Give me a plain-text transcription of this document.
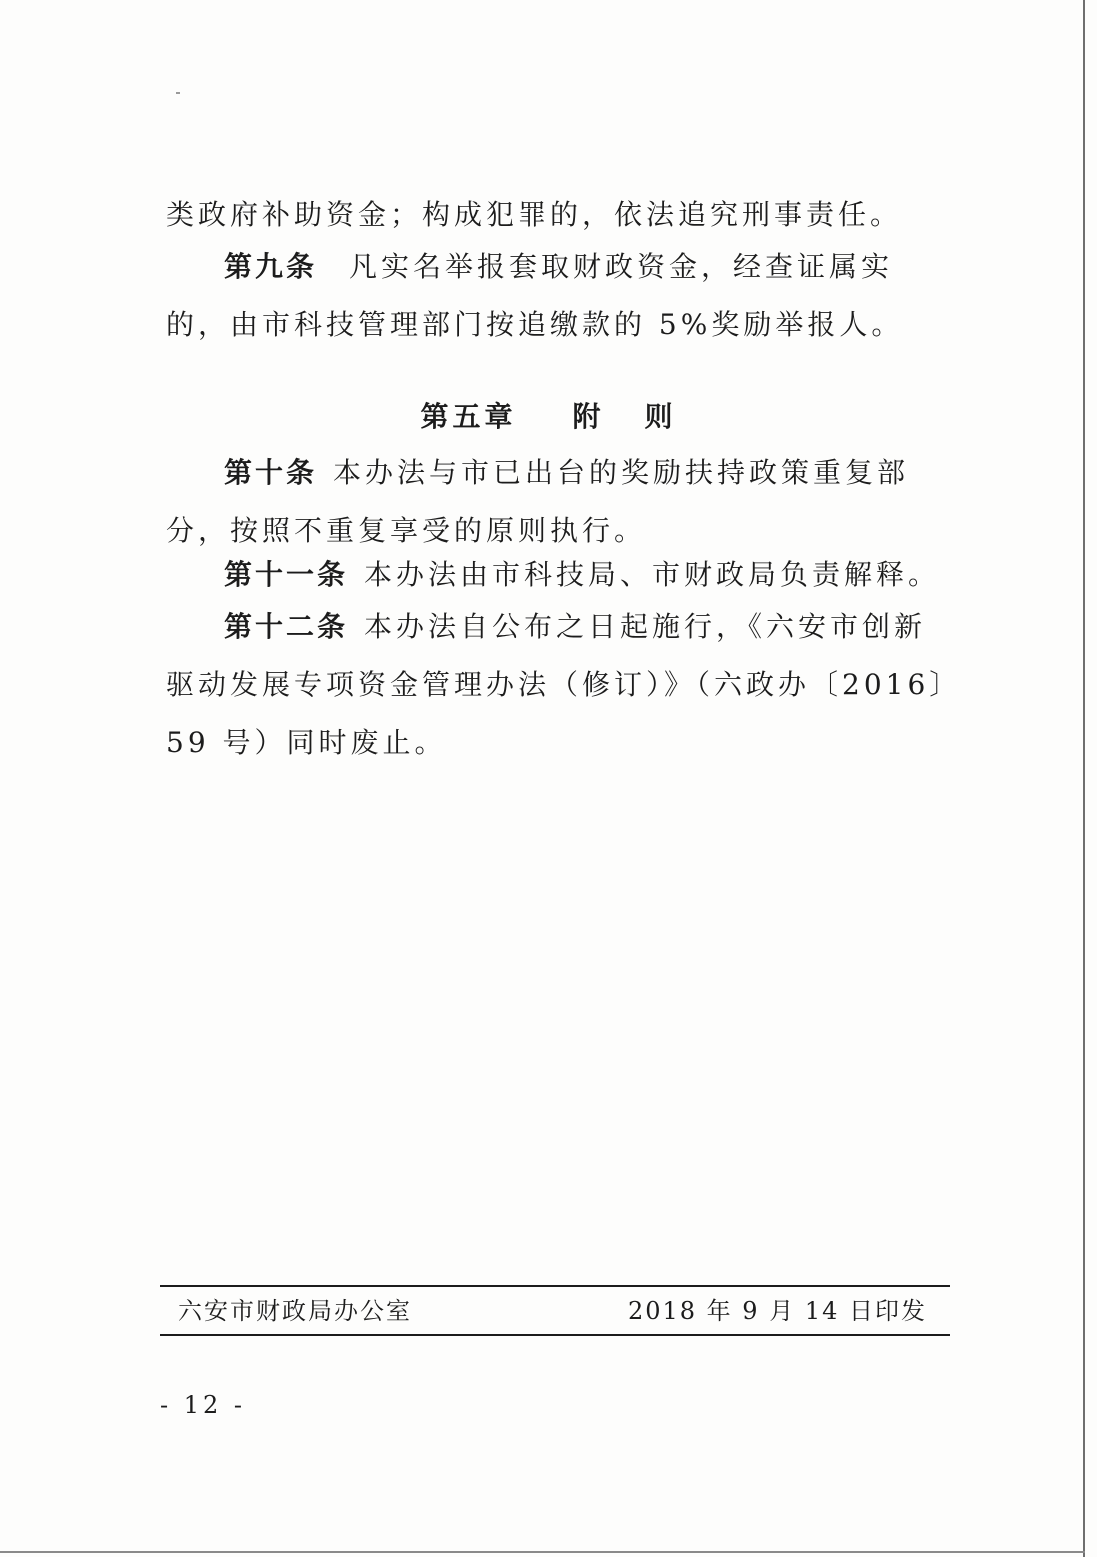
类政府补助资金；构成犯罪的，依法追究刑事责任。

第九条 凡实名举报套取财政资金，经查证属实的，由市科技管理部门按追缴款的 5%奖励举报人。

第五章 附 则

第十条 本办法与市已出台的奖励扶持政策重复部分，按照不重复享受的原则执行。

第十一条 本办法由市科技局、市财政局负责解释。

第十二条 本办法自公布之日起施行，《六安市创新驱动发展专项资金管理办法（修订）》（六政办〔2016〕59 号）同时废止。

六安市财政局办公室	2018 年 9 月 14 日印发
- 12 -
